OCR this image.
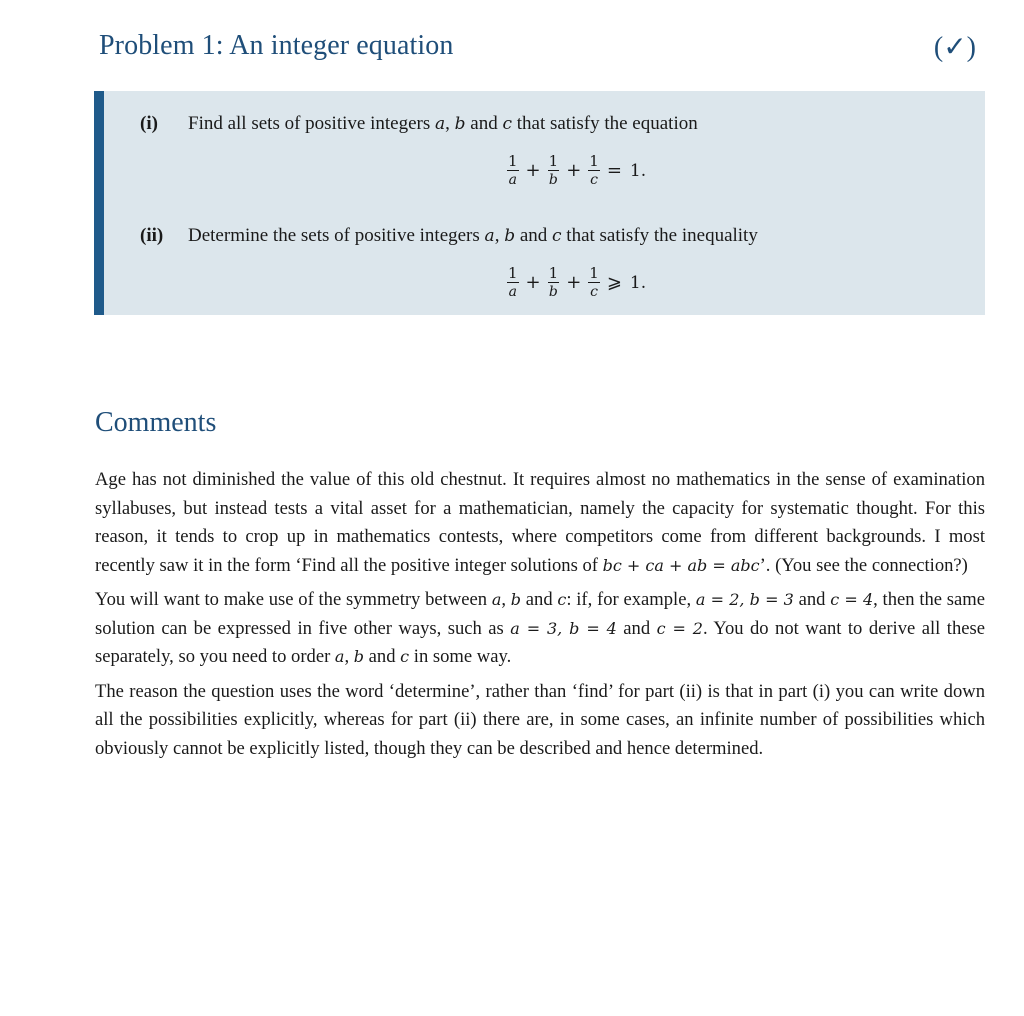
Problem 1: An integer equation	(✓)
(i) Find all sets of positive integers a, b and c that satisfy the equation
$\frac{1}{a} + \frac{1}{b} + \frac{1}{c} = 1$.
(ii) Determine the sets of positive integers a, b and c that satisfy the inequality
$\frac{1}{a} + \frac{1}{b} + \frac{1}{c}$ ⩾ 1.
Comments

Age has not diminished the value of this old chestnut. It requires almost no mathematics in the sense of examination syllabuses, but instead tests a vital asset for a mathematician, namely the capacity for systematic thought. For this reason, it tends to crop up in mathematics contests, where competitors come from different backgrounds. I most recently saw it in the form ‘Find all the positive integer solutions of bc + ca + ab = abc’. (You see the connection?)

You will want to make use of the symmetry between a, b and c: if, for example, a = 2, b = 3 and c = 4, then the same solution can be expressed in five other ways, such as a = 3, b = 4 and c = 2. You do not want to derive all these separately, so you need to order a, b and c in some way.

The reason the question uses the word ‘determine’, rather than ‘find’ for part (ii) is that in part (i) you can write down all the possibilities explicitly, whereas for part (ii) there are, in some cases, an infinite number of possibilities which obviously cannot be explicitly listed, though they can be described and hence determined.
